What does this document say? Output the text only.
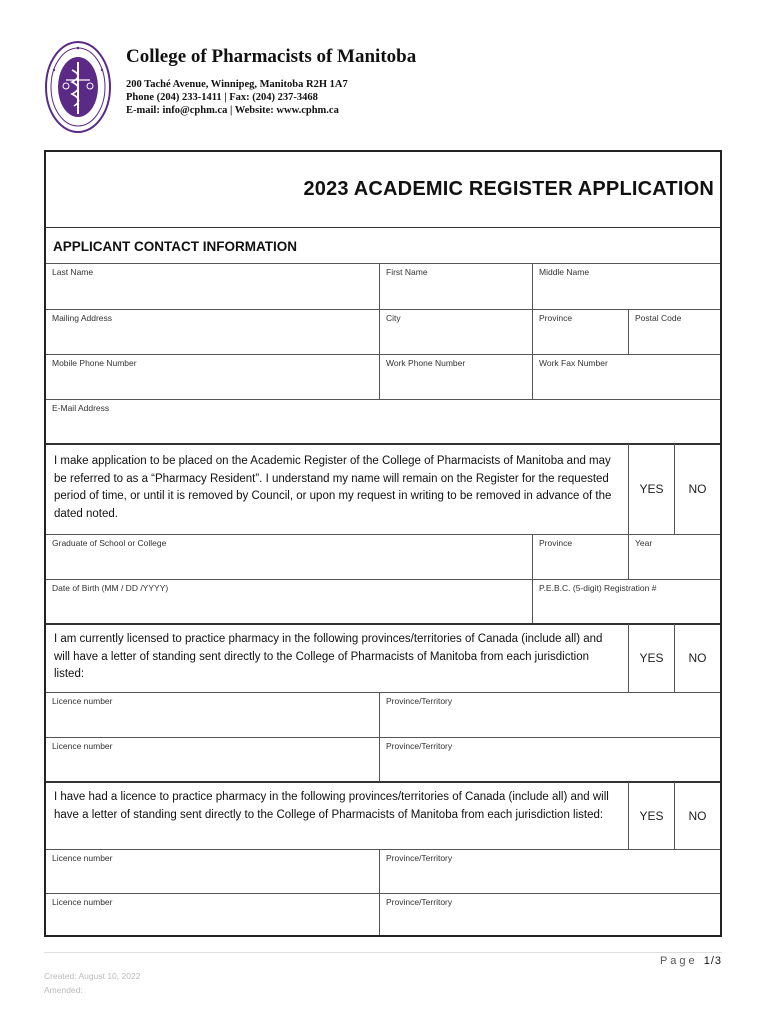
College of Pharmacists of Manitoba
200 Taché Avenue, Winnipeg, Manitoba R2H 1A7
Phone (204) 233-1411 | Fax: (204) 237-3468
E-mail: info@cphm.ca | Website: www.cphm.ca
2023 ACADEMIC REGISTER APPLICATION
APPLICANT CONTACT INFORMATION
Last Name	First Name	Middle Name
Mailing Address	City	Province	Postal Code
Mobile Phone Number	Work Phone Number	Work Fax Number
E-Mail Address
I make application to be placed on the Academic Register of the College of Pharmacists of Manitoba and may be referred to as a “Pharmacy Resident”. I understand my name will remain on the Register for the requested period of time, or until it is removed by Council, or upon my request in writing to be removed in advance of the dated noted.
YES	NO
Graduate of School or College	Province	Year
Date of Birth (MM / DD /YYYY)	P.E.B.C. (5-digit) Registration #
I am currently licensed to practice pharmacy in the following provinces/territories of Canada (include all) and will have a letter of standing sent directly to the College of Pharmacists of Manitoba from each jurisdiction listed:
YES	NO
Licence number	Province/Territory
Licence number	Province/Territory
I have had a licence to practice pharmacy in the following provinces/territories of Canada (include all) and will have a letter of standing sent directly to the College of Pharmacists of Manitoba from each jurisdiction listed:	YES	NO
Licence number	Province/Territory
Licence number	Province/Territory
Page 1/3
Created: August 10, 2022
Amended:
